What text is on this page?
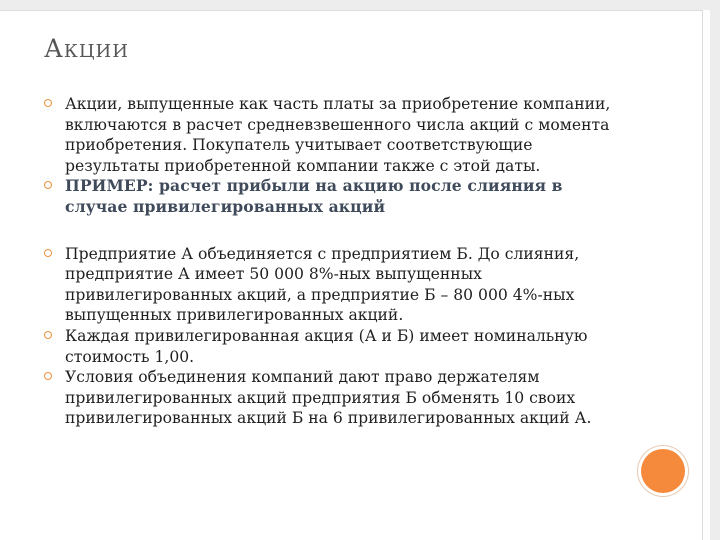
Акции
Акции, выпущенные как часть платы за приобретение компании, включаются в расчет средневзвешенного числа акций с момента приобретения. Покупатель учитывает соответствующие результаты приобретенной компании также с этой даты.
ПРИМЕР: расчет прибыли на акцию после слияния в случае привилегированных акций
Предприятие А объединяется с предприятием Б. До слияния, предприятие А имеет 50 000 8%-ных выпущенных привилегированных акций, а предприятие Б – 80 000 4%-ных выпущенных привилегированных акций.
Каждая привилегированная акция (А и Б) имеет номинальную стоимость 1,00.
Условия объединения компаний дают право держателям привилегированных акций предприятия Б обменять 10 своих привилегированных акций Б на 6 привилегированных акций А.
